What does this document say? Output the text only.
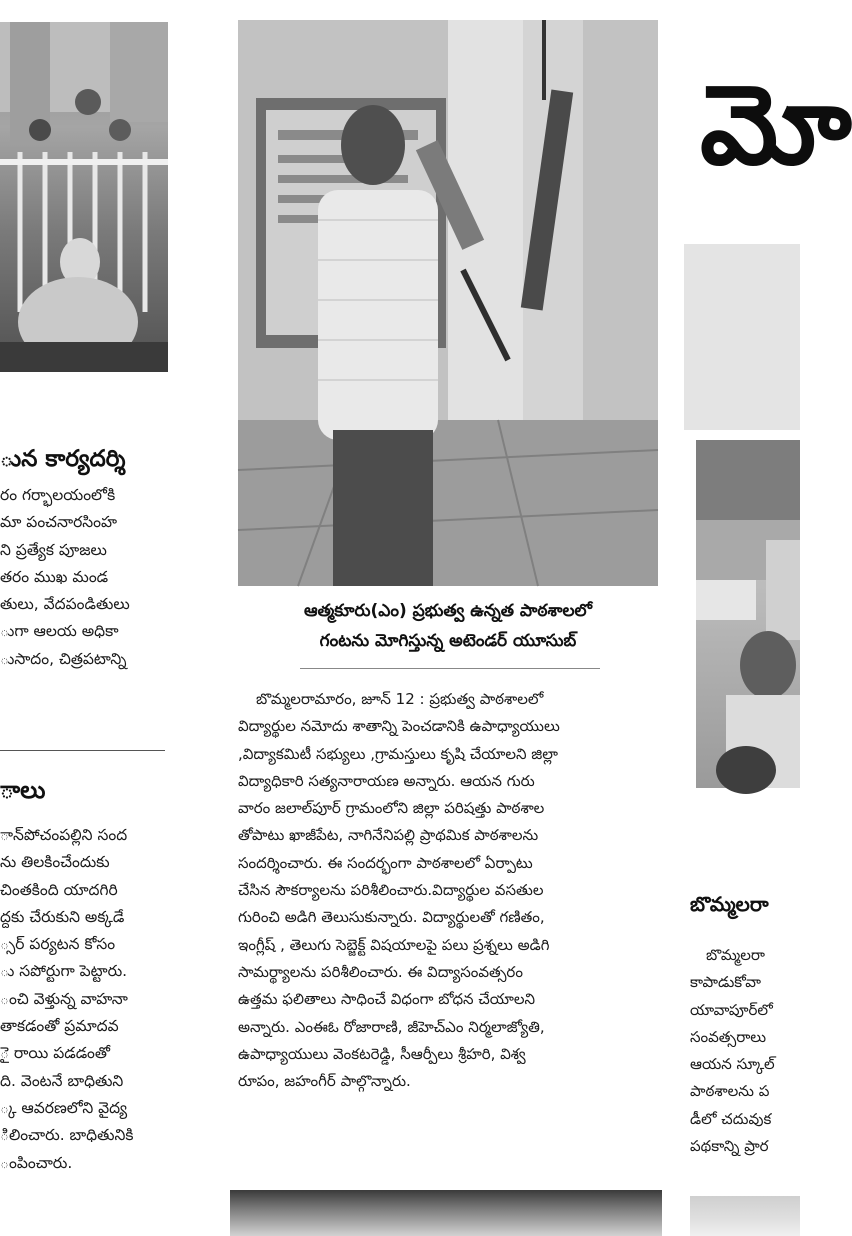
ున కార్యదర్శి
రం గర్భాలయంలోకి
మా పంచనారసింహ
ని ప్రత్యేక పూజలు
తరం ముఖ మండ
తులు, వేదపండితులు
ుగా ఆలయ అధికా
ుసాదం, చిత్రపటాన్ని
ాలు
ాన్‌పోచంపల్లిని సంద
ను తిలకించేందుకు
చింతకింది యాదగిరి
ద్దకు చేరుకుని అక్కడే
్సర్ పర్యటన కోసం
ు సపోర్టుగా పెట్టారు.
ంచి వెళ్తున్న వాహనా
తాకడంతో ప్రమాదవ
ై రాయి పడడంతో
ది. వెంటనే బాధితుని
్క ఆవరణలోని వైద్య
ిలించారు. బాధితునికి
ంపించారు.
ఆత్మకూరు(ఎం) ప్రభుత్వ ఉన్నత పాఠశాలలో
గంటను మోగిస్తున్న అటెండర్ యూసుబ్
బొమ్మలరామారం, జూన్ 12 : ప్రభుత్వ పాఠశాలలో
విద్యార్థుల నమోదు శాతాన్ని పెంచడానికి ఉపాధ్యాయులు
,విద్యాకమిటీ సభ్యులు ,గ్రామస్తులు కృషి చేయాలని జిల్లా
విద్యాధికారి సత్యనారాయణ అన్నారు. ఆయన గురు
వారం జలాల్‌పూర్ గ్రామంలోని జిల్లా పరిషత్తు పాఠశాల
తోపాటు ఖాజీపేట, నాగినేనిపల్లి ప్రాథమిక పాఠశాలను
సందర్శించారు. ఈ సందర్భంగా పాఠశాలలో ఏర్పాటు
చేసిన సౌకర్యాలను పరిశీలించారు.విద్యార్థుల వసతుల
గురించి అడిగి తెలుసుకున్నారు. విద్యార్థులతో గణితం,
ఇంగ్లీష్ , తెలుగు సెబ్జెక్ట్ విషయాలపై పలు ప్రశ్నలు అడిగి
సామర్థ్యాలను పరిశీలించారు. ఈ విద్యాసంవత్సరం
ఉత్తమ ఫలితాలు సాధించే విధంగా బోధన చేయాలని
అన్నారు. ఎంఈఓ రోజారాణి, జీహెచ్ఎం నిర్మలాజ్యోతి,
ఉపాధ్యాయులు వెంకటరెడ్డి, సీఆర్పీలు శ్రీహరి, విశ్వ
రూపం, జహంగీర్ పాల్గొన్నారు.
మో
బొమ్మలరా
బొమ్మలరా
కాపాడుకోవా
యావాపూర్‌లో
సంవత్సరాలు
ఆయన స్కూల్
పాఠశాలను ప
డీలో చదువుక
పథకాన్ని ప్రార
